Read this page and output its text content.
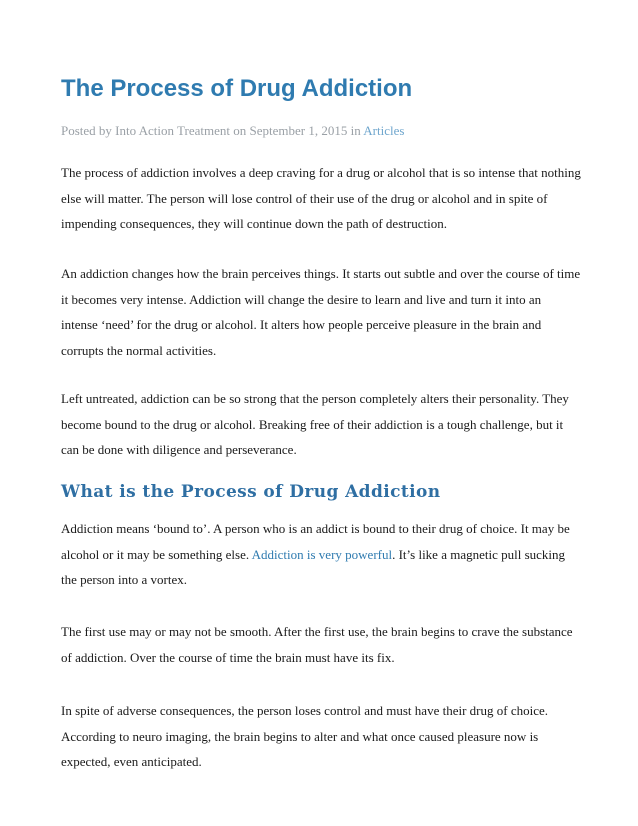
The Process of Drug Addiction
Posted by Into Action Treatment on September 1, 2015 in Articles

The process of addiction involves a deep craving for a drug or alcohol that is so intense that nothing else will matter. The person will lose control of their use of the drug or alcohol and in spite of impending consequences, they will continue down the path of destruction.

An addiction changes how the brain perceives things. It starts out subtle and over the course of time it becomes very intense. Addiction will change the desire to learn and live and turn it into an intense ‘need’ for the drug or alcohol. It alters how people perceive pleasure in the brain and corrupts the normal activities.

Left untreated, addiction can be so strong that the person completely alters their personality. They become bound to the drug or alcohol. Breaking free of their addiction is a tough challenge, but it can be done with diligence and perseverance.

What is the Process of Drug Addiction

Addiction means ‘bound to’. A person who is an addict is bound to their drug of choice. It may be alcohol or it may be something else. Addiction is very powerful. It’s like a magnetic pull sucking the person into a vortex.

The first use may or may not be smooth. After the first use, the brain begins to crave the substance of addiction. Over the course of time the brain must have its fix.

In spite of adverse consequences, the person loses control and must have their drug of choice. According to neuro imaging, the brain begins to alter and what once caused pleasure now is expected, even anticipated.
